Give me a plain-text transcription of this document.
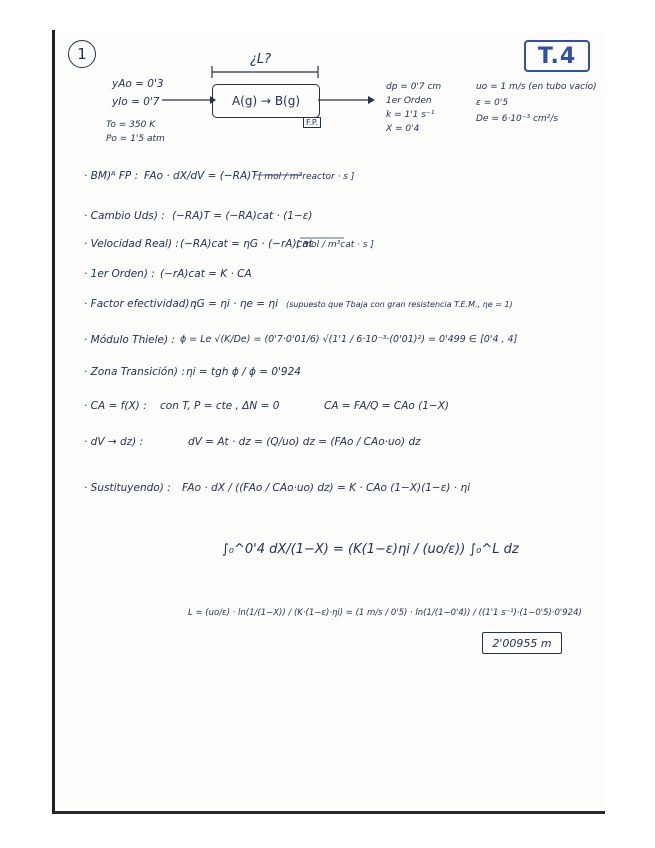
1	T.4
¿L?
yAo = 0'3
yIo = 0'7
To = 350 K
Po = 1'5 atm
A(g) → B(g)
F.P.
dp = 0'7 cm
1er Orden
k = 1'1 s⁻¹
X = 0'4
uo = 1 m/s (en tubo vacío)
ε = 0'5
De = 6·10⁻³ cm²/s
· BM)ᴬ FP : FAo · dX/dV = (−RA)T [ mol / m³reactor · s ]
· Cambio Uds) : (−RA)T = (−RA)cat · (1−ε)
· Velocidad Real) : (−RA)cat = ηG · (−rA)cat
[ mol / m³cat · s ]
· 1er Orden) : (−rA)cat = K · CA
· Factor efectividad) :
ηG = ηi · ηe = ηi (supuesto que Tbaja con gran resistencia T.E.M., ηe = 1)
· Módulo Thiele) : ϕ = Le √(K/De) = (0'7·0'01/6) √(1'1 / 6·10⁻³·(0'01)²) = 0'499 ∈ [0'4 , 4]
· Zona Transición) : ηi = tgh ϕ / ϕ = 0'924
· CA = f(X) : con T, P = cte , ΔN = 0	CA = FA/Q = CAo (1−X)
· dV → dz) :	dV = At · dz = (Q/uo) dz = (FAo / CAo·uo) dz
· Sustituyendo) : FAo · dX / ((FAo / CAo·uo) dz) = K · CAo (1−X)(1−ε) · ηi
∫₀^0'4 dX/(1−X) = (K(1−ε)ηi / (uo/ε)) ∫₀^L dz
L = (uo/ε) · ln(1/(1−X)) / (K·(1−ε)·ηi) = (1 m/s / 0'5) · ln(1/(1−0'4)) / ((1'1 s⁻¹)·(1−0'5)·0'924)
2'00955 m
